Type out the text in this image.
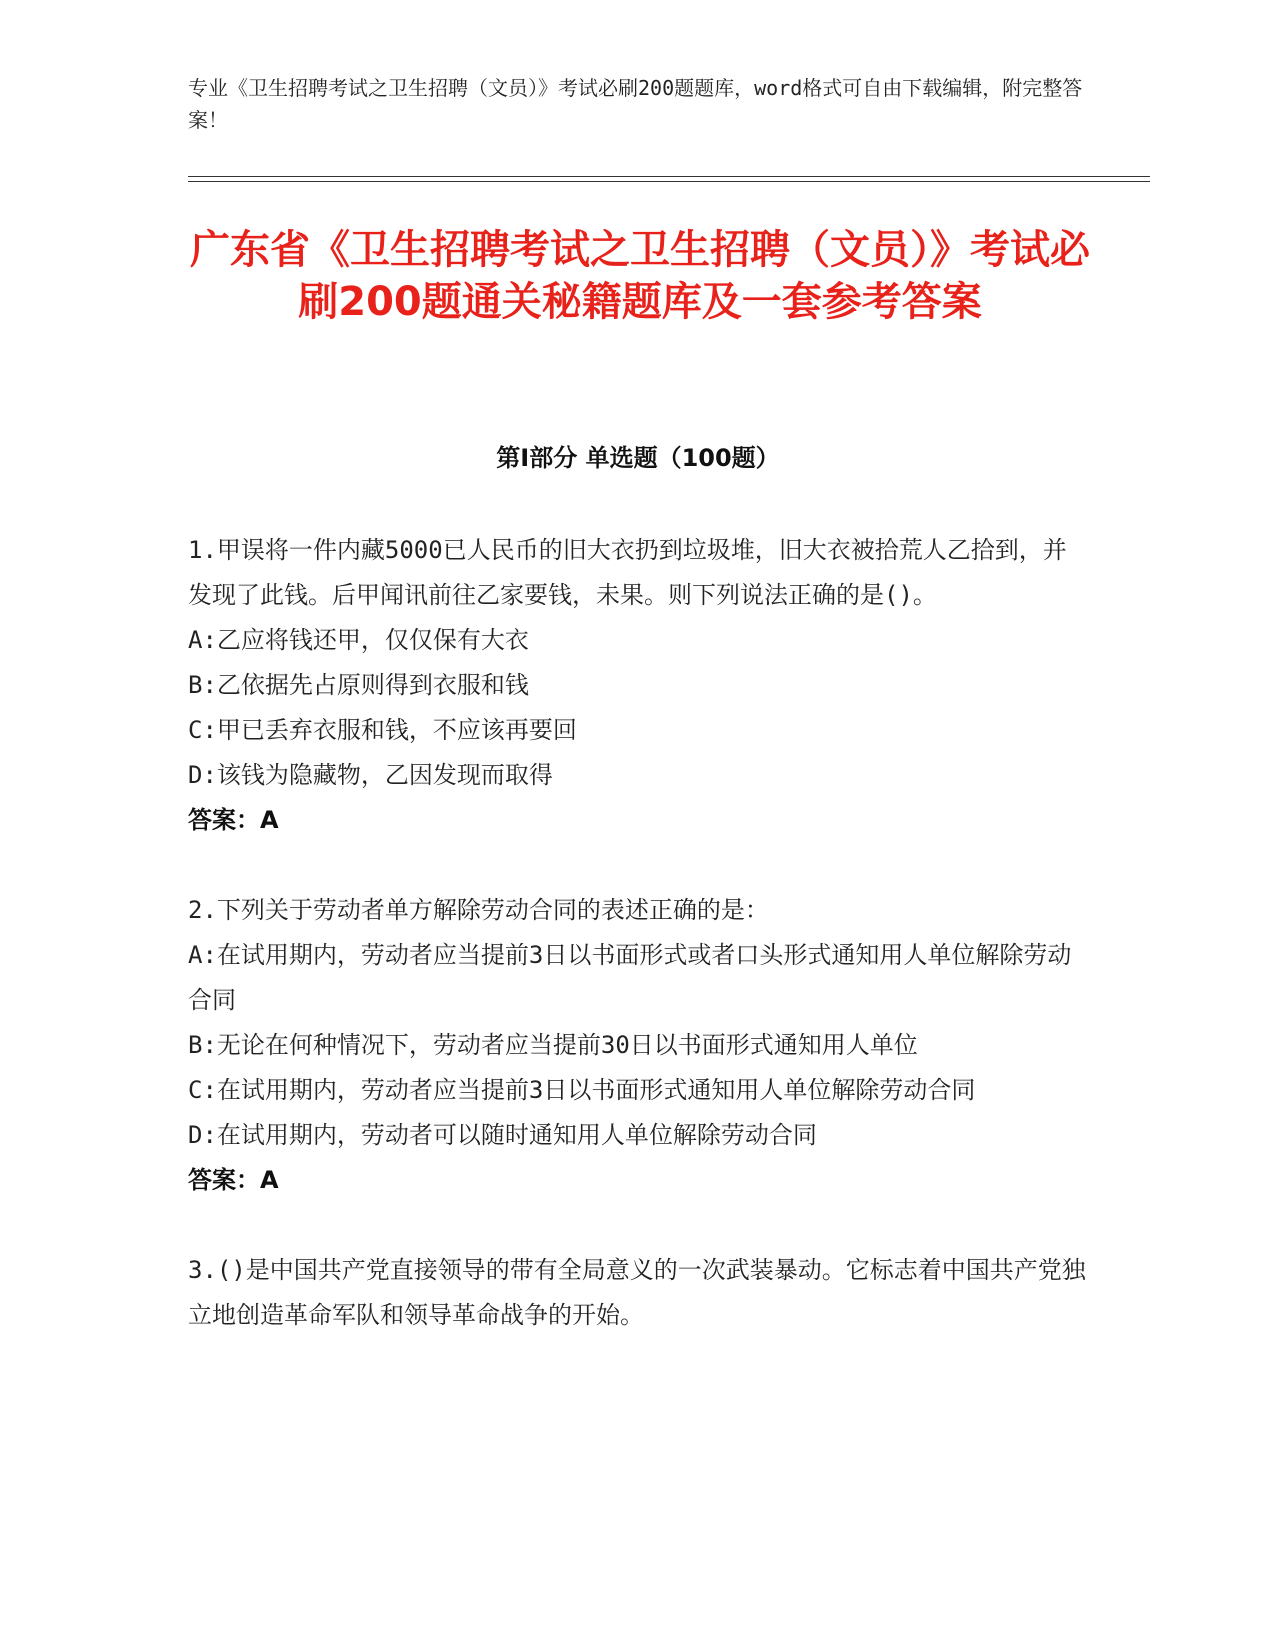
专业《卫生招聘考试之卫生招聘（文员）》考试必刷200题题库，word格式可自由下载编辑，附完整答案！
广东省《卫生招聘考试之卫生招聘（文员）》考试必刷200题通关秘籍题库及一套参考答案
第Ⅰ部分 单选题（100题）

1.甲误将一件内藏5000已人民币的旧大衣扔到垃圾堆，旧大衣被拾荒人乙拾到，并发现了此钱。后甲闻讯前往乙家要钱，未果。则下列说法正确的是()。

A:乙应将钱还甲，仅仅保有大衣

B:乙依据先占原则得到衣服和钱

C:甲已丢弃衣服和钱，不应该再要回

D:该钱为隐藏物，乙因发现而取得

答案：A

2.下列关于劳动者单方解除劳动合同的表述正确的是：

A:在试用期内，劳动者应当提前3日以书面形式或者口头形式通知用人单位解除劳动合同

B:无论在何种情况下，劳动者应当提前30日以书面形式通知用人单位

C:在试用期内，劳动者应当提前3日以书面形式通知用人单位解除劳动合同

D:在试用期内，劳动者可以随时通知用人单位解除劳动合同

答案：A

3.()是中国共产党直接领导的带有全局意义的一次武装暴动。它标志着中国共产党独立地创造革命军队和领导革命战争的开始。
